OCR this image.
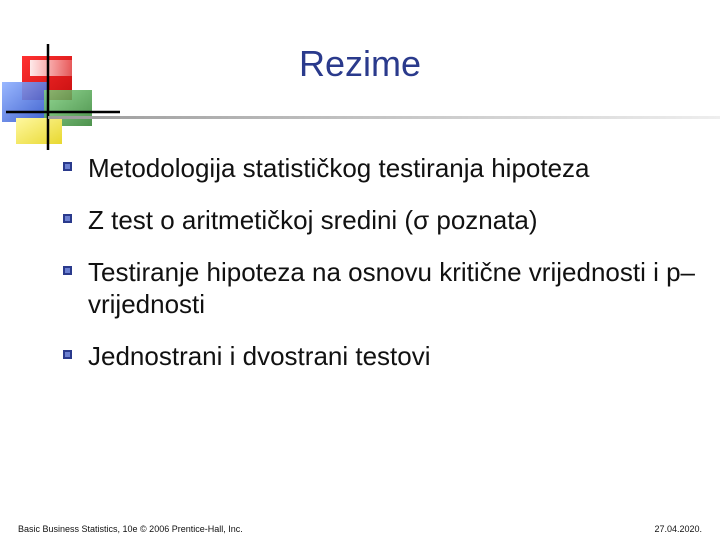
Rezime
Metodologija statističkog testiranja hipoteza
Z test o aritmetičkoj sredini (σ poznata)
Testiranje hipoteza na osnovu kritične vrijednosti i p–vrijednosti
Jednostrani i dvostrani testovi
Basic Business Statistics, 10e © 2006 Prentice-Hall, Inc.	27.04.2020.
